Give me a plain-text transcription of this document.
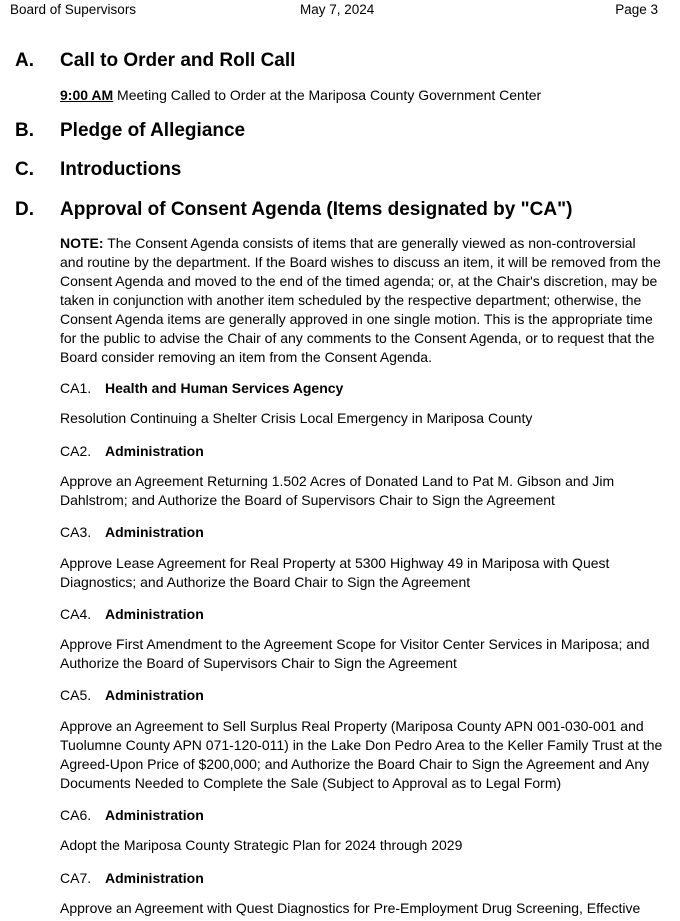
Board of Supervisors	May 7, 2024	Page 3
A. Call to Order and Roll Call
9:00 AM Meeting Called to Order at the Mariposa County Government Center
B. Pledge of Allegiance
C. Introductions
D. Approval of Consent Agenda (Items designated by "CA")
NOTE: The Consent Agenda consists of items that are generally viewed as non-controversial and routine by the department. If the Board wishes to discuss an item, it will be removed from the Consent Agenda and moved to the end of the timed agenda; or, at the Chair's discretion, may be taken in conjunction with another item scheduled by the respective department; otherwise, the Consent Agenda items are generally approved in one single motion. This is the appropriate time for the public to advise the Chair of any comments to the Consent Agenda, or to request that the Board consider removing an item from the Consent Agenda.
CA1. Health and Human Services Agency
Resolution Continuing a Shelter Crisis Local Emergency in Mariposa County
CA2. Administration
Approve an Agreement Returning 1.502 Acres of Donated Land to Pat M. Gibson and Jim Dahlstrom; and Authorize the Board of Supervisors Chair to Sign the Agreement
CA3. Administration
Approve Lease Agreement for Real Property at 5300 Highway 49 in Mariposa with Quest Diagnostics; and Authorize the Board Chair to Sign the Agreement
CA4. Administration
Approve First Amendment to the Agreement Scope for Visitor Center Services in Mariposa; and Authorize the Board of Supervisors Chair to Sign the Agreement
CA5. Administration
Approve an Agreement to Sell Surplus Real Property (Mariposa County APN 001-030-001 and Tuolumne County APN 071-120-011) in the Lake Don Pedro Area to the Keller Family Trust at the Agreed-Upon Price of $200,000; and Authorize the Board Chair to Sign the Agreement and Any Documents Needed to Complete the Sale (Subject to Approval as to Legal Form)
CA6. Administration
Adopt the Mariposa County Strategic Plan for 2024 through 2029
CA7. Administration
Approve an Agreement with Quest Diagnostics for Pre-Employment Drug Screening, Effective
